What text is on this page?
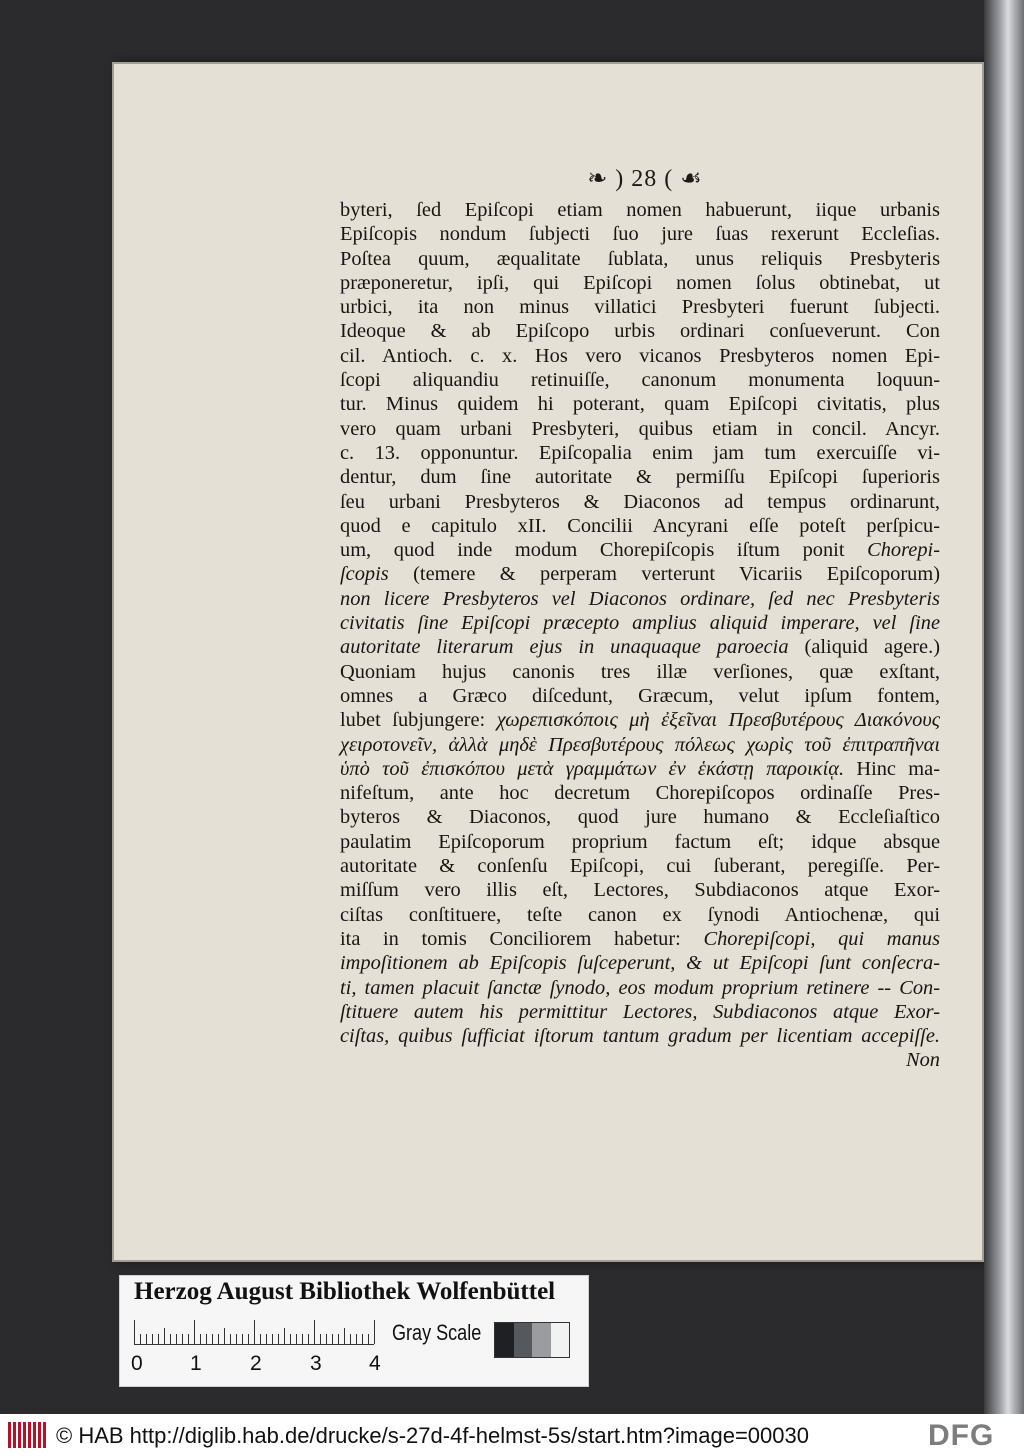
❧ ) 28 ( ☙
byteri, ſed Epiſcopi etiam nomen habuerunt, iique urbanis
Epiſcopis nondum ſubjecti ſuo jure ſuas rexerunt Eccleſias.
Poſtea quum, æqualitate ſublata, unus reliquis Presbyteris
præponeretur, ipſi, qui Epiſcopi nomen ſolus obtinebat, ut
urbici, ita non minus villatici Presbyteri fuerunt ſubjecti.
Ideoque & ab Epiſcopo urbis ordinari conſueverunt. Con
cil. Antioch. c. x. Hos vero vicanos Presbyteros nomen Epi-
ſcopi aliquandiu retinuiſſe, canonum monumenta loquun-
tur. Minus quidem hi poterant, quam Epiſcopi civitatis, plus
vero quam urbani Presbyteri, quibus etiam in concil. Ancyr.
c. 13. opponuntur. Epiſcopalia enim jam tum exercuiſſe vi-
dentur, dum ſine autoritate & permiſſu Epiſcopi ſuperioris
ſeu urbani Presbyteros & Diaconos ad tempus ordinarunt,
quod e capitulo xII. Concilii Ancyrani eſſe poteſt perſpicu-
um, quod inde modum Chorepiſcopis iſtum ponit Chorepi-
ſcopis (temere & perperam verterunt Vicariis Epiſcoporum)
non licere Presbyteros vel Diaconos ordinare, ſed nec Presbyteris
civitatis ſine Epiſcopi præcepto amplius aliquid imperare, vel ſine
autoritate literarum ejus in unaquaque paroecia (aliquid agere.)
Quoniam hujus canonis tres illæ verſiones, quæ exſtant,
omnes a Græco diſcedunt, Græcum, velut ipſum fontem,
lubet ſubjungere: χωρεπισκόποις μὴ ἐξεῖναι Πρεσβυτέρους Διακόνους
χειροτονεῖν, ἀλλὰ μηδὲ Πρεσβυτέρους πόλεως χωρὶς τοῦ ἐπιτραπῆναι
ὑπὸ τοῦ ἐπισκόπου μετὰ γραμμάτων ἐν ἑκάστῃ παροικίᾳ. Hinc ma-
nifeſtum, ante hoc decretum Chorepiſcopos ordinaſſe Pres-
byteros & Diaconos, quod jure humano & Eccleſiaſtico
paulatim Epiſcoporum proprium factum eſt; idque absque
autoritate & conſenſu Epiſcopi, cui ſuberant, peregiſſe. Per-
miſſum vero illis eſt, Lectores, Subdiaconos atque Exor-
ciſtas conſtituere, teſte canon ex ſynodi Antiochenæ, qui
ita in tomis Conciliorem habetur: Chorepiſcopi, qui manus
impoſitionem ab Epiſcopis ſuſceperunt, & ut Epiſcopi ſunt conſecra-
ti, tamen placuit ſanctæ ſynodo, eos modum proprium retinere -- Con-
ſtituere autem his permittitur Lectores, Subdiaconos atque Exor-
ciſtas, quibus ſufficiat iſtorum tantum gradum per licentiam accepiſſe.
Non
Herzog August Bibliothek Wolfenbüttel
0 1 2 3 4
Gray Scale
© HAB http://diglib.hab.de/drucke/s-27d-4f-helmst-5s/start.htm?image=00030	DFG
